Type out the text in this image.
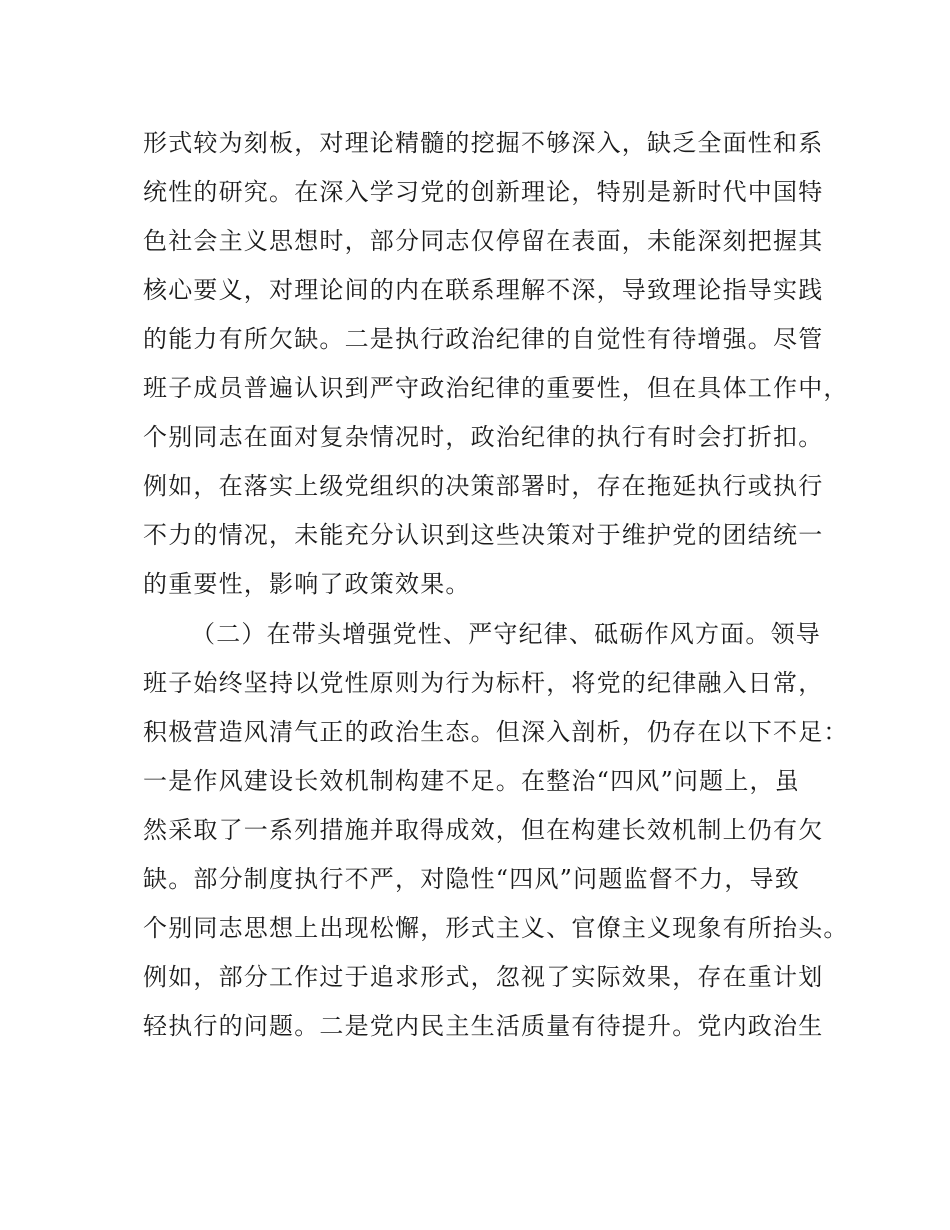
形式较为刻板，对理论精髓的挖掘不够深入，缺乏全面性和系
统性的研究。在深入学习党的创新理论，特别是新时代中国特
色社会主义思想时，部分同志仅停留在表面，未能深刻把握其
核心要义，对理论间的内在联系理解不深，导致理论指导实践
的能力有所欠缺。二是执行政治纪律的自觉性有待增强。尽管
班子成员普遍认识到严守政治纪律的重要性，但在具体工作中，
个别同志在面对复杂情况时，政治纪律的执行有时会打折扣。
例如，在落实上级党组织的决策部署时，存在拖延执行或执行
不力的情况，未能充分认识到这些决策对于维护党的团结统一
的重要性，影响了政策效果。
（二）在带头增强党性、严守纪律、砥砺作风方面。领导
班子始终坚持以党性原则为行为标杆，将党的纪律融入日常，
积极营造风清气正的政治生态。但深入剖析，仍存在以下不足：
一是作风建设长效机制构建不足。在整治“四风”问题上，虽
然采取了一系列措施并取得成效，但在构建长效机制上仍有欠
缺。部分制度执行不严，对隐性“四风”问题监督不力，导致
个别同志思想上出现松懈，形式主义、官僚主义现象有所抬头。
例如，部分工作过于追求形式，忽视了实际效果，存在重计划
轻执行的问题。二是党内民主生活质量有待提升。党内政治生
